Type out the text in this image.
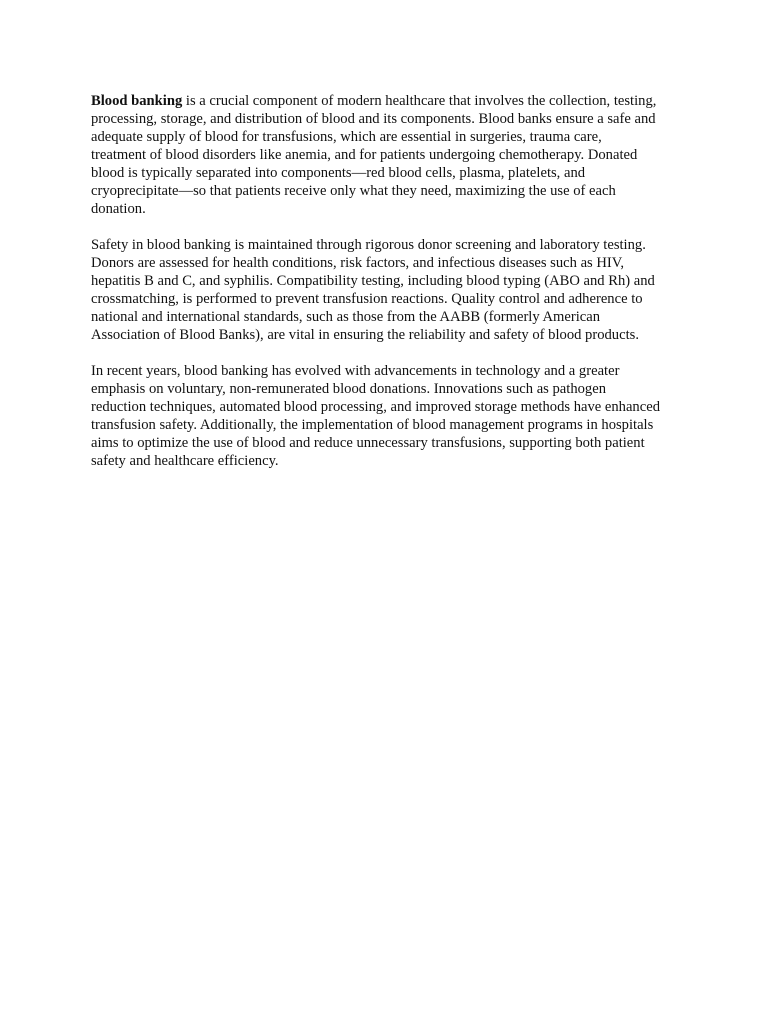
Blood banking is a crucial component of modern healthcare that involves the collection, testing,
processing, storage, and distribution of blood and its components. Blood banks ensure a safe and
adequate supply of blood for transfusions, which are essential in surgeries, trauma care,
treatment of blood disorders like anemia, and for patients undergoing chemotherapy. Donated
blood is typically separated into components—red blood cells, plasma, platelets, and
cryoprecipitate—so that patients receive only what they need, maximizing the use of each
donation.

Safety in blood banking is maintained through rigorous donor screening and laboratory testing.
Donors are assessed for health conditions, risk factors, and infectious diseases such as HIV,
hepatitis B and C, and syphilis. Compatibility testing, including blood typing (ABO and Rh) and
crossmatching, is performed to prevent transfusion reactions. Quality control and adherence to
national and international standards, such as those from the AABB (formerly American
Association of Blood Banks), are vital in ensuring the reliability and safety of blood products.

In recent years, blood banking has evolved with advancements in technology and a greater
emphasis on voluntary, non-remunerated blood donations. Innovations such as pathogen
reduction techniques, automated blood processing, and improved storage methods have enhanced
transfusion safety. Additionally, the implementation of blood management programs in hospitals
aims to optimize the use of blood and reduce unnecessary transfusions, supporting both patient
safety and healthcare efficiency.
